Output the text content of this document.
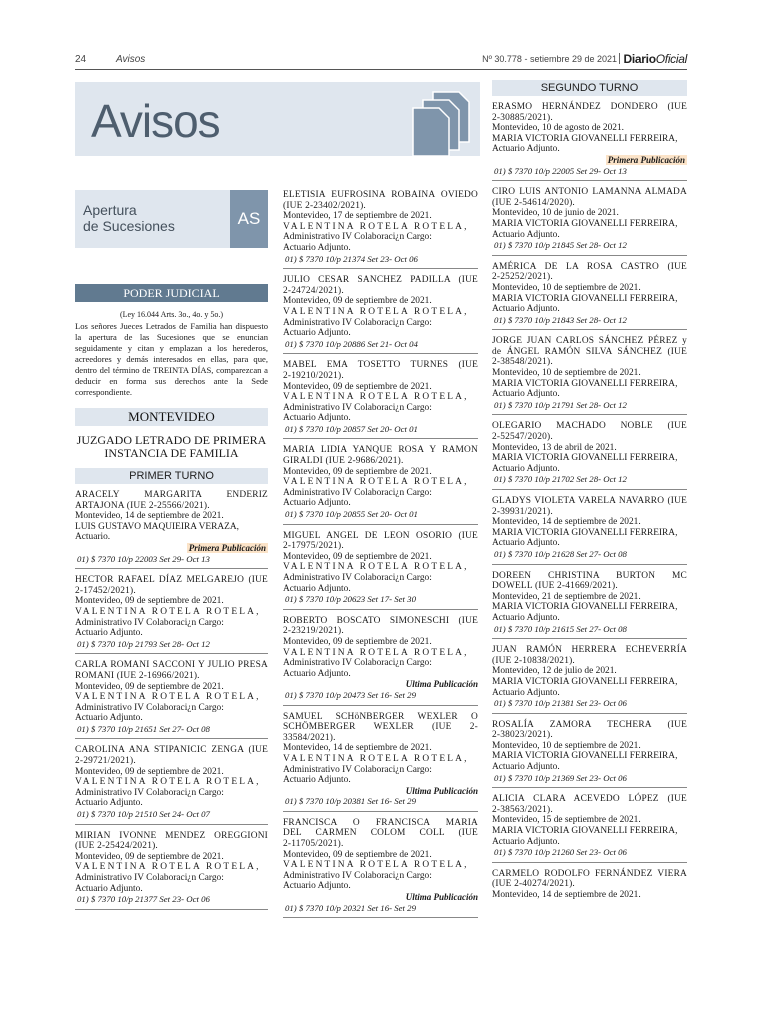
24	Avisos	Nº 30.778 - setiembre 29 de 2021 DiarioOficial
Avisos
Apertura
de Sucesiones	AS
PODER JUDICIAL
(Ley 16.044 Arts. 3o., 4o. y 5o.)
Los señores Jueces Letrados de Familia han dispuesto la apertura de las Sucesiones que se enuncian seguidamente y citan y emplazan a los herederos, acreedores y demás interesados en ellas, para que, dentro del término de TREINTA DÍAS, comparezcan a deducir en forma sus derechos ante la Sede correspondiente.
MONTEVIDEO
JUZGADO LETRADO DE PRIMERA INSTANCIA DE FAMILIA
PRIMER TURNO
ARACELY MARGARITA ENDERIZ
ARTAJONA (IUE 2-25566/2021).
Montevideo, 14 de septiembre de 2021.
LUIS GUSTAVO MAQUIEIRA VERAZA,
Actuario.
Primera Publicación
01) $ 7370 10/p 22003 Set 29- Oct 13
HECTOR RAFAEL DÍAZ MELGAREJO (IUE
2-17452/2021).
Montevideo, 09 de septiembre de 2021.
VALENTINA ROTELA ROTELA,
Administrativo IV Colaboraci¿n Cargo:
Actuario Adjunto.
01) $ 7370 10/p 21793 Set 28- Oct 12
CARLA ROMANI SACCONI Y JULIO PRESA
ROMANI (IUE 2-16966/2021).
Montevideo, 09 de septiembre de 2021.
VALENTINA ROTELA ROTELA,
Administrativo IV Colaboraci¿n Cargo:
Actuario Adjunto.
01) $ 7370 10/p 21651 Set 27- Oct 08
CAROLINA ANA STIPANICIC ZENGA (IUE
2-29721/2021).
Montevideo, 09 de septiembre de 2021.
VALENTINA ROTELA ROTELA,
Administrativo IV Colaboraci¿n Cargo:
Actuario Adjunto.
01) $ 7370 10/p 21510 Set 24- Oct 07
MIRIAN IVONNE MENDEZ OREGGIONI
(IUE 2-25424/2021).
Montevideo, 09 de septiembre de 2021.
VALENTINA ROTELA ROTELA,
Administrativo IV Colaboraci¿n Cargo:
Actuario Adjunto.
01) $ 7370 10/p 21377 Set 23- Oct 06
ELETISIA EUFROSINA ROBAINA OVIEDO
(IUE 2-23402/2021).
Montevideo, 17 de septiembre de 2021.
VALENTINA ROTELA ROTELA,
Administrativo IV Colaboraci¿n Cargo:
Actuario Adjunto.
01) $ 7370 10/p 21374 Set 23- Oct 06
JULIO CESAR SANCHEZ PADILLA (IUE
2-24724/2021).
Montevideo, 09 de septiembre de 2021.
VALENTINA ROTELA ROTELA,
Administrativo IV Colaboraci¿n Cargo:
Actuario Adjunto.
01) $ 7370 10/p 20886 Set 21- Oct 04
MABEL EMA TOSETTO TURNES (IUE
2-19210/2021).
Montevideo, 09 de septiembre de 2021.
VALENTINA ROTELA ROTELA,
Administrativo IV Colaboraci¿n Cargo:
Actuario Adjunto.
01) $ 7370 10/p 20857 Set 20- Oct 01
MARIA LIDIA YANQUE ROSA Y RAMON
GIRALDI (IUE 2-9686/2021).
Montevideo, 09 de septiembre de 2021.
VALENTINA ROTELA ROTELA,
Administrativo IV Colaboraci¿n Cargo:
Actuario Adjunto.
01) $ 7370 10/p 20855 Set 20- Oct 01
MIGUEL ANGEL DE LEON OSORIO (IUE
2-17975/2021).
Montevideo, 09 de septiembre de 2021.
VALENTINA ROTELA ROTELA,
Administrativo IV Colaboraci¿n Cargo:
Actuario Adjunto.
01) $ 7370 10/p 20623 Set 17- Set 30
ROBERTO BOSCATO SIMONESCHI (IUE
2-23219/2021).
Montevideo, 09 de septiembre de 2021.
VALENTINA ROTELA ROTELA,
Administrativo IV Colaboraci¿n Cargo:
Actuario Adjunto.
Ultima Publicación
01) $ 7370 10/p 20473 Set 16- Set 29
SAMUEL SCHöNBERGER WEXLER O
SCHÖMBERGER WEXLER (IUE 2-33584/2021).
Montevideo, 14 de septiembre de 2021.
VALENTINA ROTELA ROTELA,
Administrativo IV Colaboraci¿n Cargo:
Actuario Adjunto.
Ultima Publicación
01) $ 7370 10/p 20381 Set 16- Set 29
FRANCISCA O FRANCISCA MARIA
DEL CARMEN COLOM COLL (IUE
2-11705/2021).
Montevideo, 09 de septiembre de 2021.
VALENTINA ROTELA ROTELA,
Administrativo IV Colaboraci¿n Cargo:
Actuario Adjunto.
Ultima Publicación
01) $ 7370 10/p 20321 Set 16- Set 29
SEGUNDO TURNO
ERASMO HERNÁNDEZ DONDERO (IUE
2-30885/2021).
Montevideo, 10 de agosto de 2021.
MARIA VICTORIA GIOVANELLI FERREIRA,
Actuario Adjunto.
Primera Publicación
01) $ 7370 10/p 22005 Set 29- Oct 13
CIRO LUIS ANTONIO LAMANNA ALMADA
(IUE 2-54614/2020).
Montevideo, 10 de junio de 2021.
MARIA VICTORIA GIOVANELLI FERREIRA,
Actuario Adjunto.
01) $ 7370 10/p 21845 Set 28- Oct 12
AMÉRICA DE LA ROSA CASTRO (IUE
2-25252/2021).
Montevideo, 10 de septiembre de 2021.
MARIA VICTORIA GIOVANELLI FERREIRA,
Actuario Adjunto.
01) $ 7370 10/p 21843 Set 28- Oct 12
JORGE JUAN CARLOS SÁNCHEZ PÉREZ y
de ÁNGEL RAMÓN SILVA SÁNCHEZ (IUE
2-38548/2021).
Montevideo, 10 de septiembre de 2021.
MARIA VICTORIA GIOVANELLI FERREIRA,
Actuario Adjunto.
01) $ 7370 10/p 21791 Set 28- Oct 12
OLEGARIO MACHADO NOBLE (IUE
2-52547/2020).
Montevideo, 13 de abril de 2021.
MARIA VICTORIA GIOVANELLI FERREIRA,
Actuario Adjunto.
01) $ 7370 10/p 21702 Set 28- Oct 12
GLADYS VIOLETA VARELA NAVARRO (IUE
2-39931/2021).
Montevideo, 14 de septiembre de 2021.
MARIA VICTORIA GIOVANELLI FERREIRA,
Actuario Adjunto.
01) $ 7370 10/p 21628 Set 27- Oct 08
DOREEN CHRISTINA BURTON MC
DOWELL (IUE 2-41669/2021).
Montevideo, 21 de septiembre de 2021.
MARIA VICTORIA GIOVANELLI FERREIRA,
Actuario Adjunto.
01) $ 7370 10/p 21615 Set 27- Oct 08
JUAN RAMÓN HERRERA ECHEVERRÍA
(IUE 2-10838/2021).
Montevideo, 12 de julio de 2021.
MARIA VICTORIA GIOVANELLI FERREIRA,
Actuario Adjunto.
01) $ 7370 10/p 21381 Set 23- Oct 06
ROSALÍA ZAMORA TECHERA (IUE
2-38023/2021).
Montevideo, 10 de septiembre de 2021.
MARIA VICTORIA GIOVANELLI FERREIRA,
Actuario Adjunto.
01) $ 7370 10/p 21369 Set 23- Oct 06
ALICIA CLARA ACEVEDO LÓPEZ (IUE
2-38563/2021).
Montevideo, 15 de septiembre de 2021.
MARIA VICTORIA GIOVANELLI FERREIRA,
Actuario Adjunto.
01) $ 7370 10/p 21260 Set 23- Oct 06
CARMELO RODOLFO FERNÁNDEZ VIERA
(IUE 2-40274/2021).
Montevideo, 14 de septiembre de 2021.
